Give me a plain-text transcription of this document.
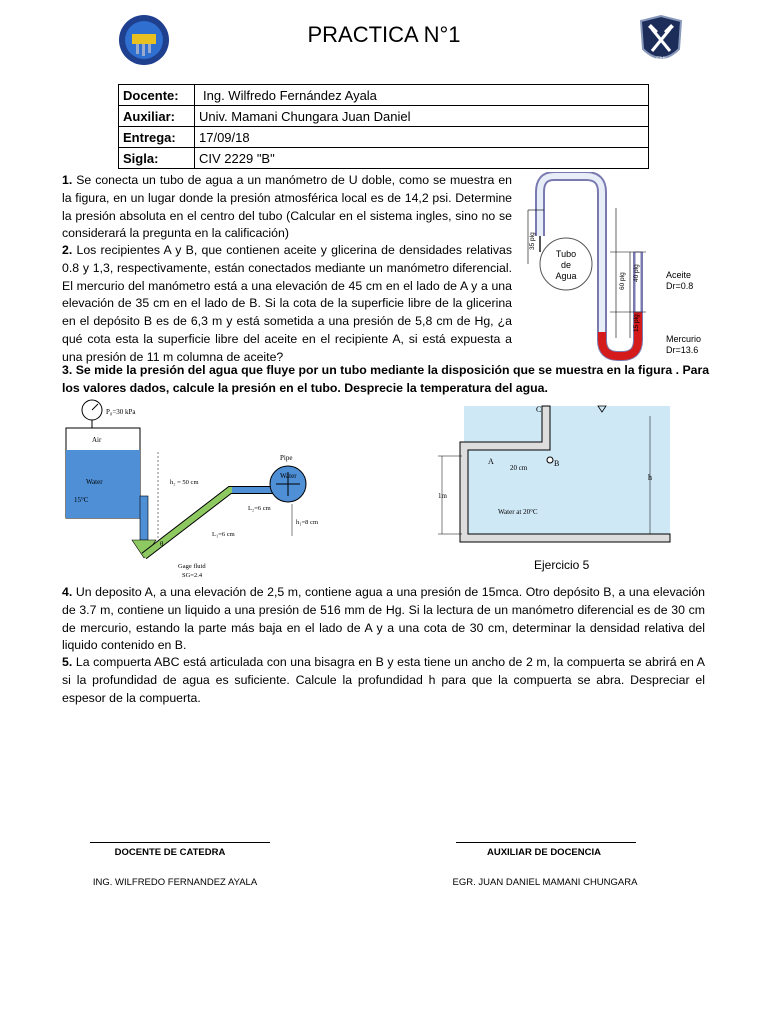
PRACTICA N°1
FNI
Docente:	Ing. Wilfredo Fernández Ayala
Auxiliar:	Univ. Mamani Chungara Juan Daniel
Entrega:	17/09/18
Sigla:	CIV 2229 "B"
1. Se conecta un tubo de agua a un manómetro de U doble, como se muestra en la figura, en un lugar donde la presión atmosférica local es de 14,2 psi. Determine la presión absoluta en el centro del tubo (Calcular en el sistema ingles, sino no se considerará la pregunta en la calificación)
2. Los recipientes A y B, que contienen aceite y glicerina de densidades relativas 0.8 y 1,3, respectivamente, están conectados mediante un manómetro diferencial. El mercurio del manómetro está a una elevación de 45 cm en el lado de A y a una elevación de 35 cm en el lado de B. Si la cota de la superficie libre de la glicerina en el depósito B es de 6,3 m y está sometida a una presión de 5,8 cm de Hg, ¿a qué cota esta la superficie libre del aceite en el recipiente A, si está expuesta a una presión de 11 m columna de aceite?
Tubo
de
Agua
35 plg
60 plg 40 plg
15 plg
Aceite
Dr=0.8
Mercurio
Dr=13.6
3. Se mide la presión del agua que fluye por un tubo mediante la disposición que se muestra en la figura . Para los valores dados, calcule la presión en el tubo. Desprecie la temperatura del agua.
P₀=30 kPa
Air
Water
15°C
Pipe
Water
h₂ = 50 cm
L₂=6 cm
L₁=6 cm
h₁=8 cm
θ
Gage fluid
SG=2.4
C
A	B
20 cm
Water at 20°C
h
1m
Ejercicio 5
4. Un deposito A, a una elevación de 2,5 m, contiene agua a una presión de 15mca. Otro depósito B, a una elevación de 3.7 m, contiene un liquido a una presión de 516 mm de Hg. Si la lectura de un manómetro diferencial es de 30 cm de mercurio, estando la parte más baja en el lado de A y a una cota de 30 cm, determinar la densidad relativa del liquido contenido en B.
5. La compuerta ABC está articulada con una bisagra en B y esta tiene un ancho de 2 m, la compuerta se abrirá en A si la profundidad de agua es suficiente. Calcule la profundidad h para que la compuerta se abra. Despreciar el espesor de la compuerta.
DOCENTE DE CATEDRA
ING. WILFREDO FERNANDEZ AYALA
AUXILIAR DE DOCENCIA
EGR. JUAN DANIEL MAMANI CHUNGARA
